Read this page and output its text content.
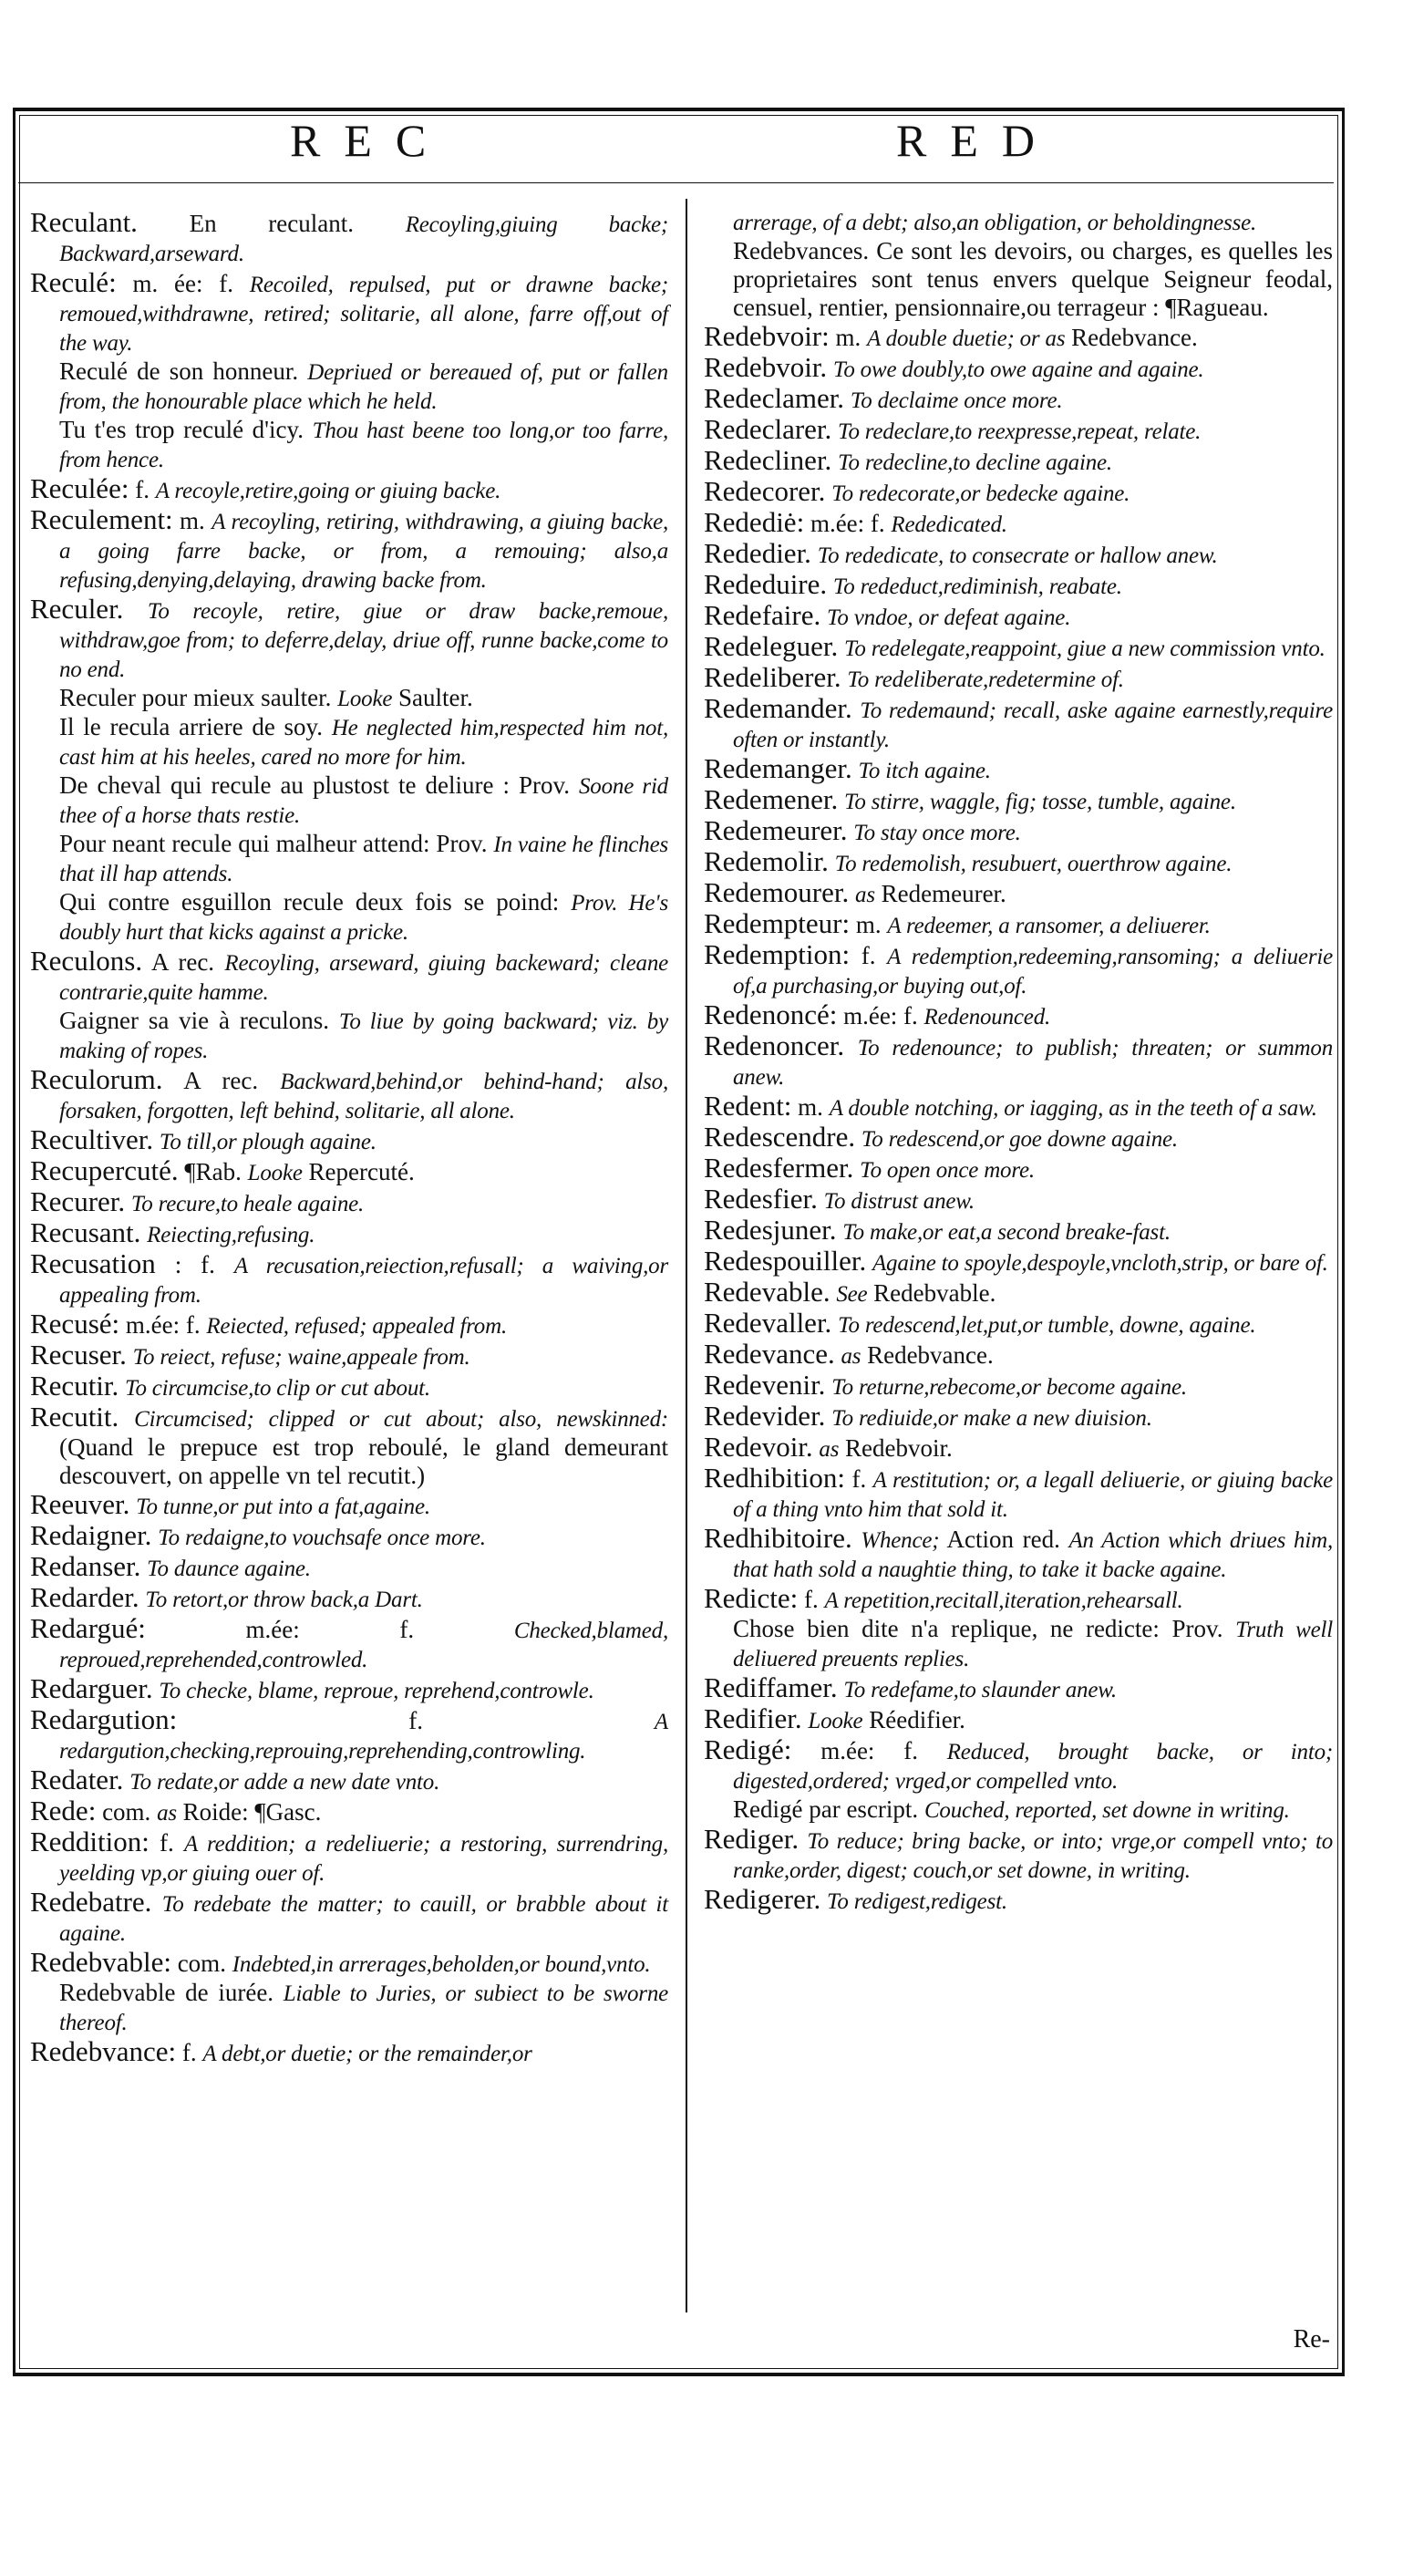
REC	RED

Reculant. En reculant. Recoyling,giuing backe; Backward,arseward.

Reculé: m. ée: f. Recoiled, repulsed, put or drawne backe; remoued,withdrawne, retired; solitarie, all alone, farre off,out of the way.

Reculé de son honneur. Depriued or bereaued of, put or fallen from, the honourable place which he held.

Tu t'es trop reculé d'icy. Thou hast beene too long,or too farre, from hence.

Reculée: f. A recoyle,retire,going or giuing backe.

Reculement: m. A recoyling, retiring, withdrawing, a giuing backe, a going farre backe, or from, a remouing; also,a refusing,denying,delaying, drawing backe from.

Reculer. To recoyle, retire, giue or draw backe,remoue, withdraw,goe from; to deferre,delay, driue off, runne backe,come to no end.

Reculer pour mieux saulter. Looke Saulter.

Il le recula arriere de soy. He neglected him,respected him not, cast him at his heeles, cared no more for him.

De cheval qui recule au plustost te deliure : Prov. Soone rid thee of a horse thats restie.

Pour neant recule qui malheur attend: Prov. In vaine he flinches that ill hap attends.

Qui contre esguillon recule deux fois se poind: Prov. He's doubly hurt that kicks against a pricke.

Reculons. A rec. Recoyling, arseward, giuing backeward; cleane contrarie,quite hamme.

Gaigner sa vie à reculons. To liue by going backward; viz. by making of ropes.

Reculorum. A rec. Backward,behind,or behind-hand; also, forsaken, forgotten, left behind, solitarie, all alone.

Recultiver. To till,or plough againe.

Recupercuté. ¶Rab. Looke Repercuté.

Recurer. To recure,to heale againe.

Recusant. Reiecting,refusing.

Recusation : f. A recusation,reiection,refusall; a waiving,or appealing from.

Recusé: m.ée: f. Reiected, refused; appealed from.

Recuser. To reiect, refuse; waine,appeale from.

Recutir. To circumcise,to clip or cut about.

Recutit. Circumcised; clipped or cut about; also, newskinned: (Quand le prepuce est trop reboulé, le gland demeurant descouvert, on appelle vn tel recutit.)

Reeuver. To tunne,or put into a fat,againe.

Redaigner. To redaigne,to vouchsafe once more.

Redanser. To daunce againe.

Redarder. To retort,or throw back,a Dart.

Redargué:	m.ée: f.	Checked,blamed, reproued,reprehended,controwled.

Redarguer. To checke, blame, reproue, reprehend,controwle.

Redargution:	f.	A redargution,checking,reprouing,reprehending,controwling.

Redater. To redate,or adde a new date vnto.

Rede: com. as Roide: ¶Gasc.

Reddition: f. A reddition; a redeliuerie; a restoring, surrendring, yeelding vp,or giuing ouer of.

Redebatre. To redebate the matter; to cauill, or brabble about it againe.

Redebvable: com. Indebted,in arrerages,beholden,or bound,vnto.

Redebvable de iurée. Liable to Juries, or subiect to be sworne thereof.

Redebvance: f. A debt,or duetie; or the remainder,or

arrerage, of a debt; also,an obligation, or beholdingnesse.

Redebvances. Ce sont les devoirs, ou charges, es quelles les proprietaires sont tenus envers quelque Seigneur feodal, censuel, rentier, pensionnaire,ou terrageur : ¶Ragueau.

Redebvoir: m. A double duetie; or as Redebvance.

Redebvoir. To owe doubly,to owe againe and againe.

Redeclamer. To declaime once more.

Redeclarer. To redeclare,to reexpresse,repeat, relate.

Redecliner. To redecline,to decline againe.

Redecorer. To redecorate,or bedecke againe.

Redediė: m.ée: f. Rededicated.

Rededier. To rededicate, to consecrate or hallow anew.

Rededuire. To rededuct,rediminish, reabate.

Redefaire. To vndoe, or defeat againe.

Redeleguer. To redelegate,reappoint, giue a new commission vnto.

Redeliberer. To redeliberate,redetermine of.

Redemander. To redemaund; recall, aske againe earnestly,require often or instantly.

Redemanger. To itch againe.

Redemener. To stirre, waggle, fig; tosse, tumble, againe.

Redemeurer. To stay once more.

Redemolir. To redemolish, resubuert, ouerthrow againe.

Redemourer. as Redemeurer.

Redempteur: m. A redeemer, a ransomer, a deliuerer.

Redemption: f. A redemption,redeeming,ransoming; a deliuerie of,a purchasing,or buying out,of.

Redenoncé: m.ée: f. Redenounced.

Redenoncer. To redenounce; to publish; threaten; or summon anew.

Redent: m. A double notching, or iagging, as in the teeth of a saw.

Redescendre. To redescend,or goe downe againe.

Redesfermer. To open once more.

Redesfier. To distrust anew.

Redesjuner. To make,or eat,a second breake-fast.

Redespouiller. Againe to spoyle,despoyle,vncloth,strip, or bare of.

Redevable. See Redebvable.

Redevaller. To redescend,let,put,or tumble, downe, againe.

Redevance. as Redebvance.

Redevenir. To returne,rebecome,or become againe.

Redevider. To rediuide,or make a new diuision.

Redevoir. as Redebvoir.

Redhibition: f. A restitution; or, a legall deliuerie, or giuing backe of a thing vnto him that sold it.

Redhibitoire. Whence; Action red. An Action which driues him, that hath sold a naughtie thing, to take it backe againe.

Redicte: f. A repetition,recitall,iteration,rehearsall.

Chose bien dite n'a replique, ne redicte: Prov. Truth well deliuered preuents replies.

Rediffamer. To redefame,to slaunder anew.

Redifier. Looke Réedifier.

Redigé: m.ée: f. Reduced, brought backe, or into; digested,ordered; vrged,or compelled vnto.

Redigé par escript. Couched, reported, set downe in writing.

Rediger. To reduce; bring backe, or into; vrge,or compell vnto; to ranke,order, digest; couch,or set downe, in writing.

Redigerer. To redigest,redigest.

Re-
